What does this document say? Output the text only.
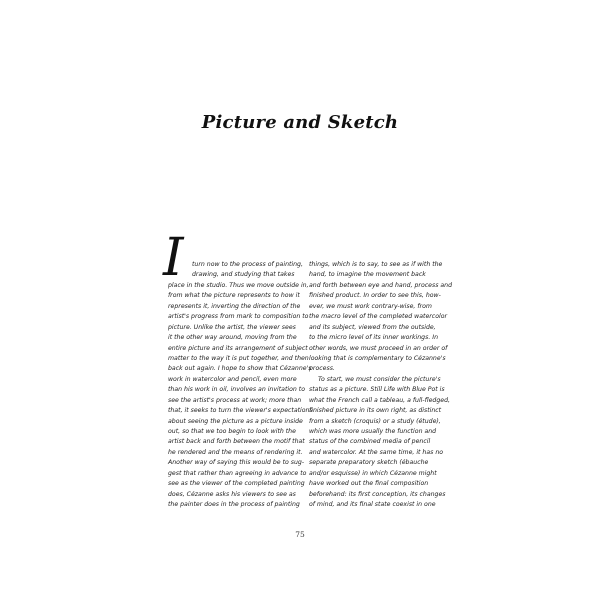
Picture and Sketch
I	turn now to the process of painting,
drawing, and studying that takes
place in the studio. Thus we move outside in,
from what the picture represents to how it
represents it, inverting the direction of the
artist's progress from mark to composition to
picture. Unlike the artist, the viewer sees
it the other way around, moving from the
entire picture and its arrangement of subject
matter to the way it is put together, and then
back out again. I hope to show that Cézanne's
work in watercolor and pencil, even more
than his work in oil, involves an invitation to
see the artist's process at work; more than
that, it seeks to turn the viewer's expectations
about seeing the picture as a picture inside
out, so that we too begin to look with the
artist back and forth between the motif that
he rendered and the means of rendering it.
Another way of saying this would be to sug-
gest that rather than agreeing in advance to
see as the viewer of the completed painting
does, Cézanne asks his viewers to see as
the painter does in the process of painting
things, which is to say, to see as if with the
hand, to imagine the movement back
and forth between eye and hand, process and
finished product. In order to see this, how-
ever, we must work contrary-wise, from
the macro level of the completed watercolor
and its subject, viewed from the outside,
to the micro level of its inner workings. In
other words, we must proceed in an order of
looking that is complementary to Cézanne's
process.
To start, we must consider the picture's
status as a picture. Still Life with Blue Pot is
what the French call a tableau, a full-fledged,
finished picture in its own right, as distinct
from a sketch (croquis) or a study (étude),
which was more usually the function and
status of the combined media of pencil
and watercolor. At the same time, it has no
separate preparatory sketch (ébauche
and/or esquisse) in which Cézanne might
have worked out the final composition
beforehand: its first conception, its changes
of mind, and its final state coexist in one
75
